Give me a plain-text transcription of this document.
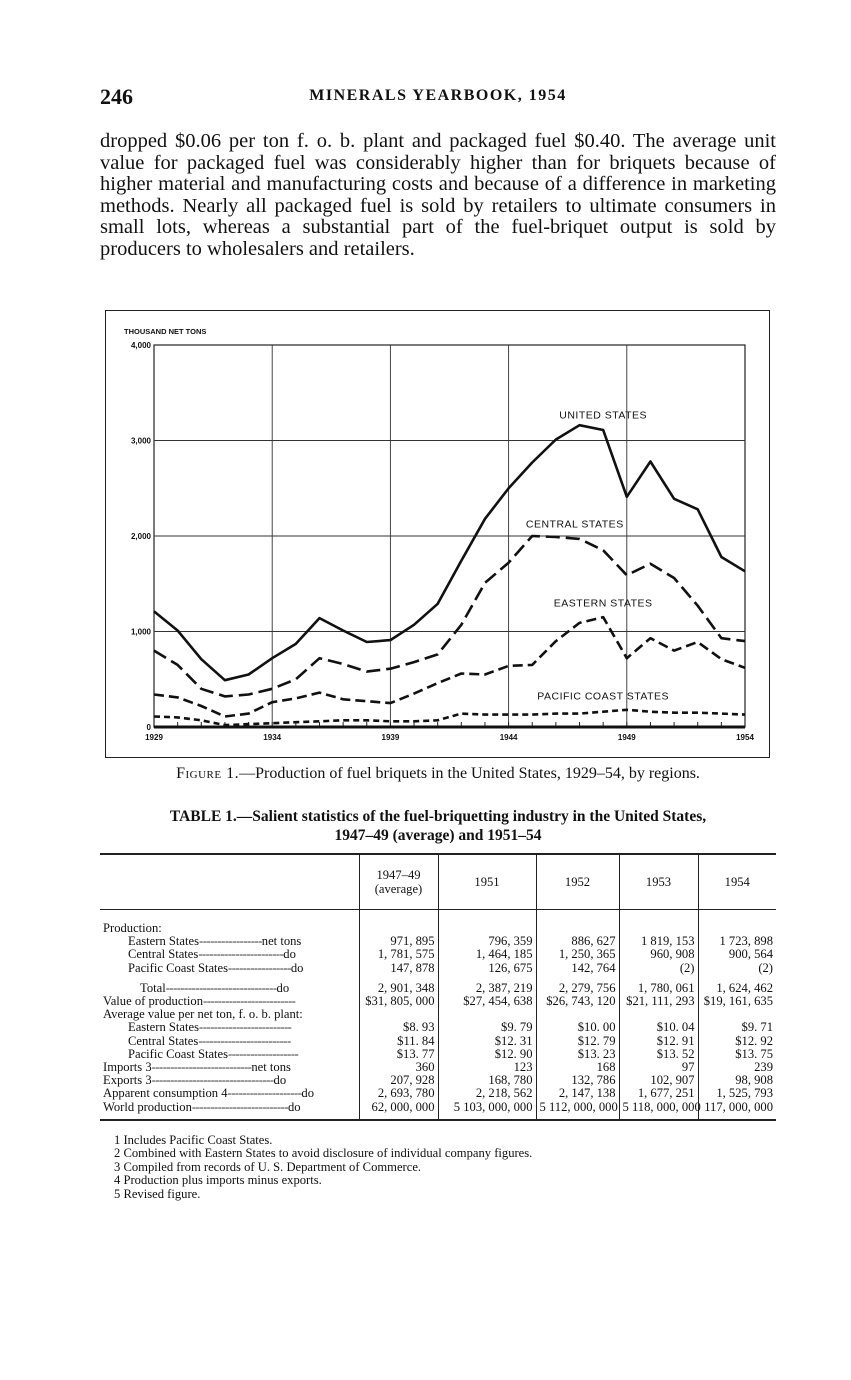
246	MINERALS YEARBOOK, 1954

dropped $0.06 per ton f. o. b. plant and packaged fuel $0.40. The average unit value for packaged fuel was considerably higher than for briquets because of higher material and manufacturing costs and because of a difference in marketing methods. Nearly all packaged fuel is sold by retailers to ultimate consumers in small lots, whereas a substantial part of the fuel-briquet output is sold by producers to wholesalers and retailers.

0
1,000
2,000
3,000
4,000
1929	1934	1939	1944	1949	1954
THOUSAND NET TONS
UNITED STATES
CENTRAL STATES
EASTERN STATES
PACIFIC COAST STATES
Figure 1.—Production of fuel briquets in the United States, 1929–54, by regions.
TABLE 1.—Salient statistics of the fuel-briquetting industry in the United States,
1947–49 (average) and 1951–54
	1947–49
(average)	1951	1952	1953	1954

Production:					
Eastern States-----------------net tons	971, 895	796, 359	886, 627	1 819, 153	1 723, 898
Central States-----------------------do	1, 781, 575	1, 464, 185	1, 250, 365	960, 908	900, 564
Pacific Coast States-----------------do	147, 878	126, 675	142, 764	(2)	(2)

Total------------------------------do	2, 901, 348	2, 387, 219	2, 279, 756	1, 780, 061	1, 624, 462
Value of production-------------------------	$31, 805, 000	$27, 454, 638	$26, 743, 120	$21, 111, 293	$19, 161, 635
Average value per net ton, f. o. b. plant:					
Eastern States-------------------------	$8. 93	$9. 79	$10. 00	$10. 04	$9. 71
Central States-------------------------	$11. 84	$12. 31	$12. 79	$12. 91	$12. 92
Pacific Coast States-------------------	$13. 77	$12. 90	$13. 23	$13. 52	$13. 75
Imports 3---------------------------net tons	360	123	168	97	239
Exports 3---------------------------------do	207, 928	168, 780	132, 786	102, 907	98, 908
Apparent consumption 4--------------------do	2, 693, 780	2, 218, 562	2, 147, 138	1, 677, 251	1, 525, 793
World production--------------------------do	62, 000, 000	5 103, 000, 000	5 112, 000, 000	5 118, 000, 000	117, 000, 000
1 Includes Pacific Coast States.
2 Combined with Eastern States to avoid disclosure of individual company figures.
3 Compiled from records of U. S. Department of Commerce.
4 Production plus imports minus exports.
5 Revised figure.
